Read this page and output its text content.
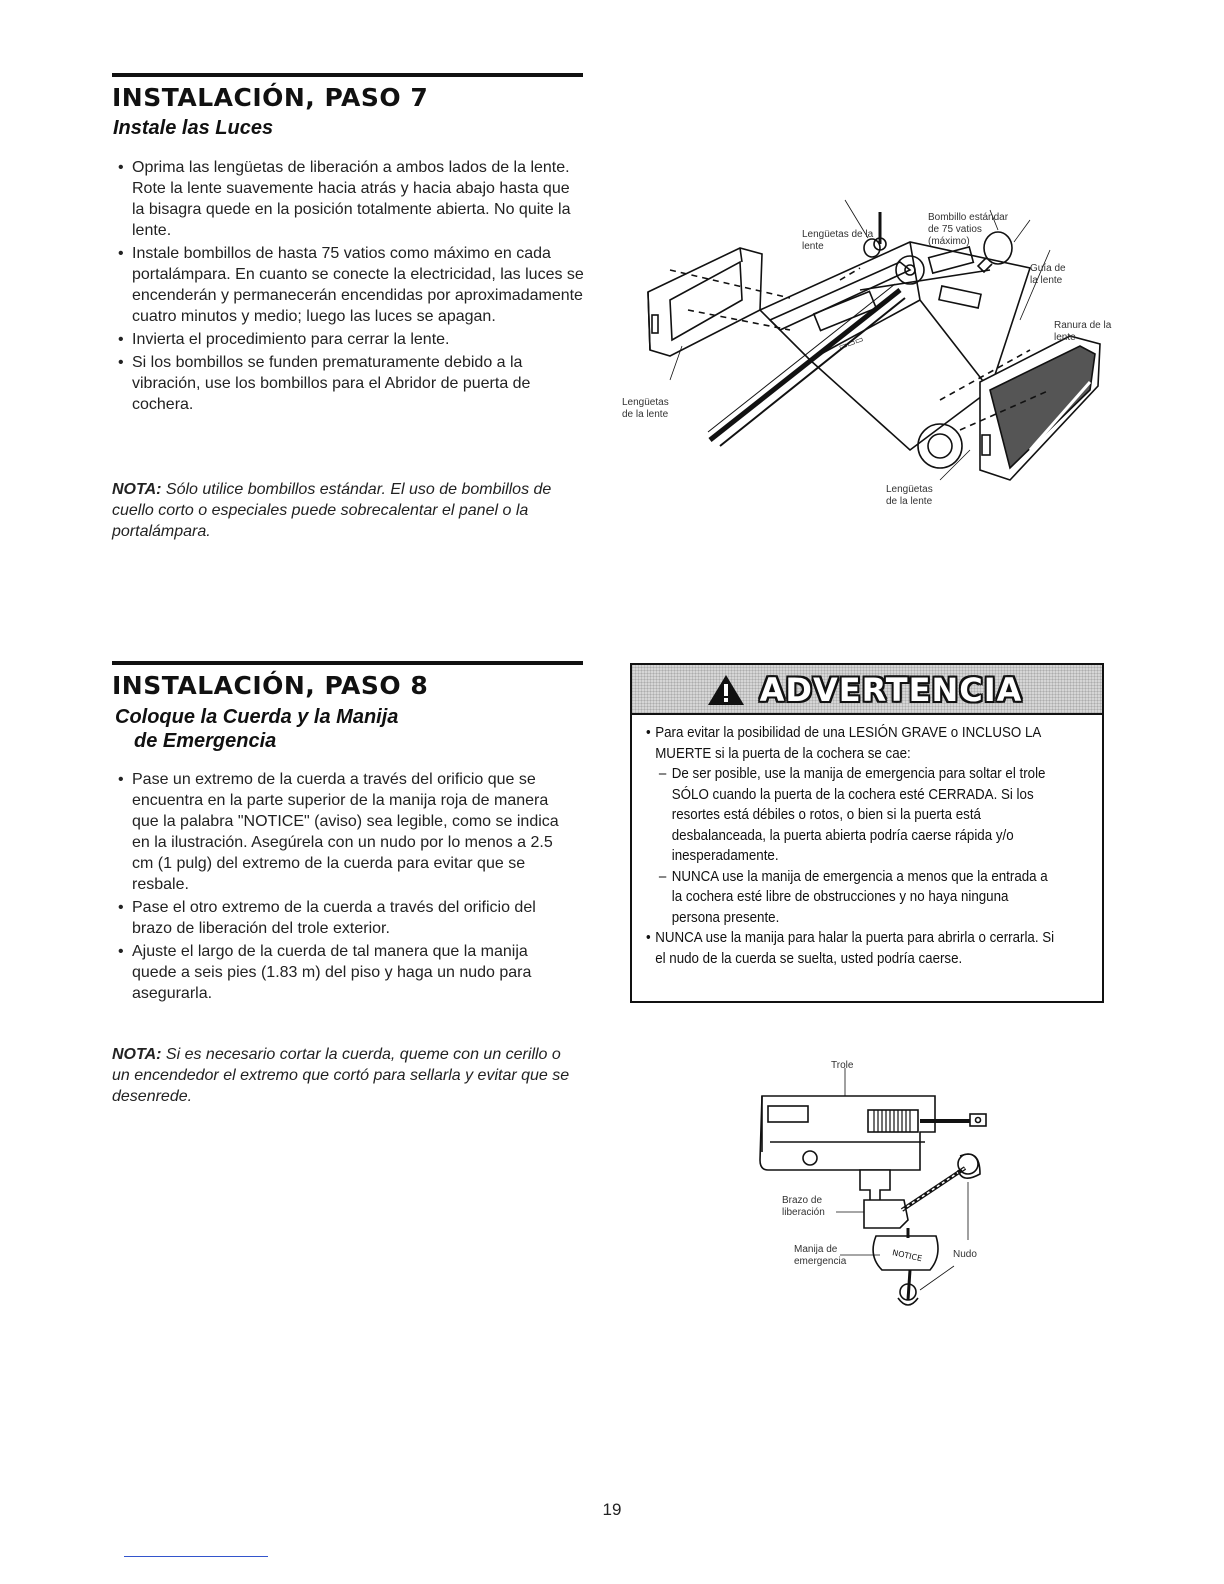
INSTALACIÓN, PASO 7
Instale las Luces
• Oprima las lengüetas de liberación a ambos lados de la lente. Rote la lente suavemente hacia atrás y hacia abajo hasta que la bisagra quede en la posición totalmente abierta. No quite la lente.
• Instale bombillos de hasta 75 vatios como máximo en cada portalámpara. En cuanto se conecte la electricidad, las luces se encenderán y permanecerán encendidas por aproximadamente cuatro minutos y medio; luego las luces se apagan.
• Invierta el procedimiento para cerrar la lente.
• Si los bombillos se funden prematuramente debido a la vibración, use los bombillos para el Abridor de puerta de cochera.
NOTA: Sólo utilice bombillos estándar. El uso de bombillos de cuello corto o especiales puede sobrecalentar el panel o la portalámpara.
▭▭▭
Lengüetas de la lente
Bombillo estándar de 75 vatios (máximo)
Guía de la lente
Ranura de la lente
Lengüetas de la lente
Lengüetas de la lente
INSTALACIÓN, PASO 8
Coloque la Cuerda y la Manija
de Emergencia
• Pase un extremo de la cuerda a través del orificio que se encuentra en la parte superior de la manija roja de manera que la palabra "NOTICE" (aviso) sea legible, como se indica en la ilustración. Asegúrela con un nudo por lo menos a 2.5 cm (1 pulg) del extremo de la cuerda para evitar que se resbale.
• Pase el otro extremo de la cuerda a través del orificio del brazo de liberación del trole exterior.
• Ajuste el largo de la cuerda de tal manera que la manija quede a seis pies (1.83 m) del piso y haga un nudo para asegurarla.
NOTA: Si es necesario cortar la cuerda, queme con un cerillo o un encendedor el extremo que cortó para sellarla y evitar que se desenrede.
ADVERTENCIA
• Para evitar la posibilidad de una LESIÓN GRAVE o INCLUSO LA MUERTE si la puerta de la cochera se cae:
– De ser posible, use la manija de emergencia para soltar el trole SÓLO cuando la puerta de la cochera esté CERRADA. Si los resortes está débiles o rotos, o bien si la puerta está desbalanceada, la puerta abierta podría caerse rápida y/o inesperadamente.
– NUNCA use la manija de emergencia a menos que la entrada a la cochera esté libre de obstrucciones y no haya ninguna persona presente.
• NUNCA use la manija para halar la puerta para abrirla o cerrarla. Si el nudo de la cuerda se suelta, usted podría caerse.
NOTICE
Trole
Brazo de liberación
Manija de emergencia
Nudo
19
